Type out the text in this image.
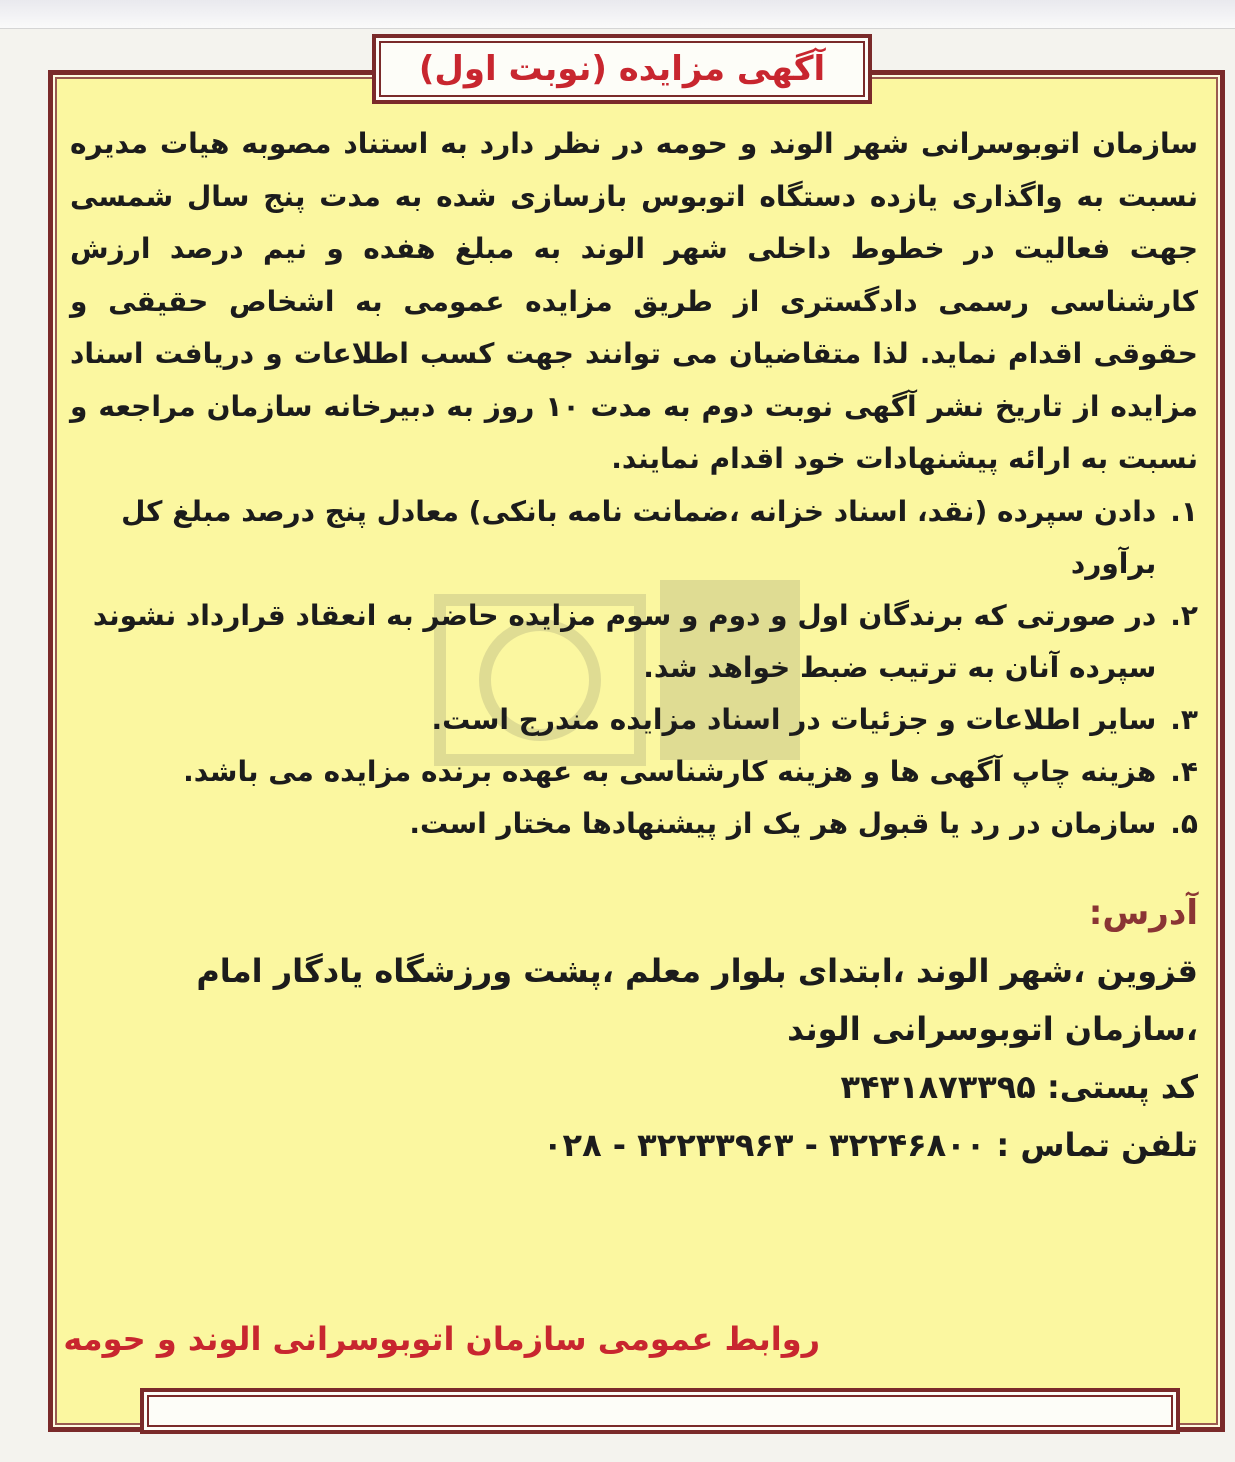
آگهی مزایده (نوبت اول)

سازمان اتوبوسرانی شهر الوند و حومه در نظر دارد به استناد مصوبه هیات مدیره نسبت به واگذاری یازده دستگاه اتوبوس بازسازی شده به مدت پنج سال شمسی جهت فعالیت در خطوط داخلی شهر الوند به مبلغ هفده و نیم درصد ارزش کارشناسی رسمی دادگستری از طریق مزایده عمومی به اشخاص حقیقی و حقوقی اقدام نماید. لذا متقاضیان می توانند جهت کسب اطلاعات و دریافت اسناد مزایده از تاریخ نشر آگهی نوبت دوم به مدت ۱۰ روز به دبیرخانه سازمان مراجعه و نسبت به ارائه پیشنهادات خود اقدام نمایند.

۱.
دادن سپرده (نقد، اسناد خزانه ،ضمانت نامه بانکی) معادل پنج درصد مبلغ کل برآورد
۲.
در صورتی که برندگان اول و دوم و سوم مزایده حاضر به انعقاد قرارداد نشوند سپرده آنان به ترتیب ضبط خواهد شد.
۳.
سایر اطلاعات و جزئیات در اسناد مزایده مندرج است.
۴.
هزینه چاپ آگهی ها و هزینه کارشناسی به عهده برنده مزایده می باشد.
۵.
سازمان در رد یا قبول هر یک از پیشنهادها مختار است.
آدرس:
قزوین ،شهر الوند ،ابتدای بلوار معلم ،پشت ورزشگاه یادگار امام ،سازمان اتوبوسرانی الوند
کد پستی: ۳۴۳۱۸۷۳۳۹۵
تلفن تماس : ۰۲۸ - ۳۲۲۳۳۹۶۳ - ۳۲۲۴۶۸۰۰
روابط عمومی سازمان اتوبوسرانی الوند و حومه
